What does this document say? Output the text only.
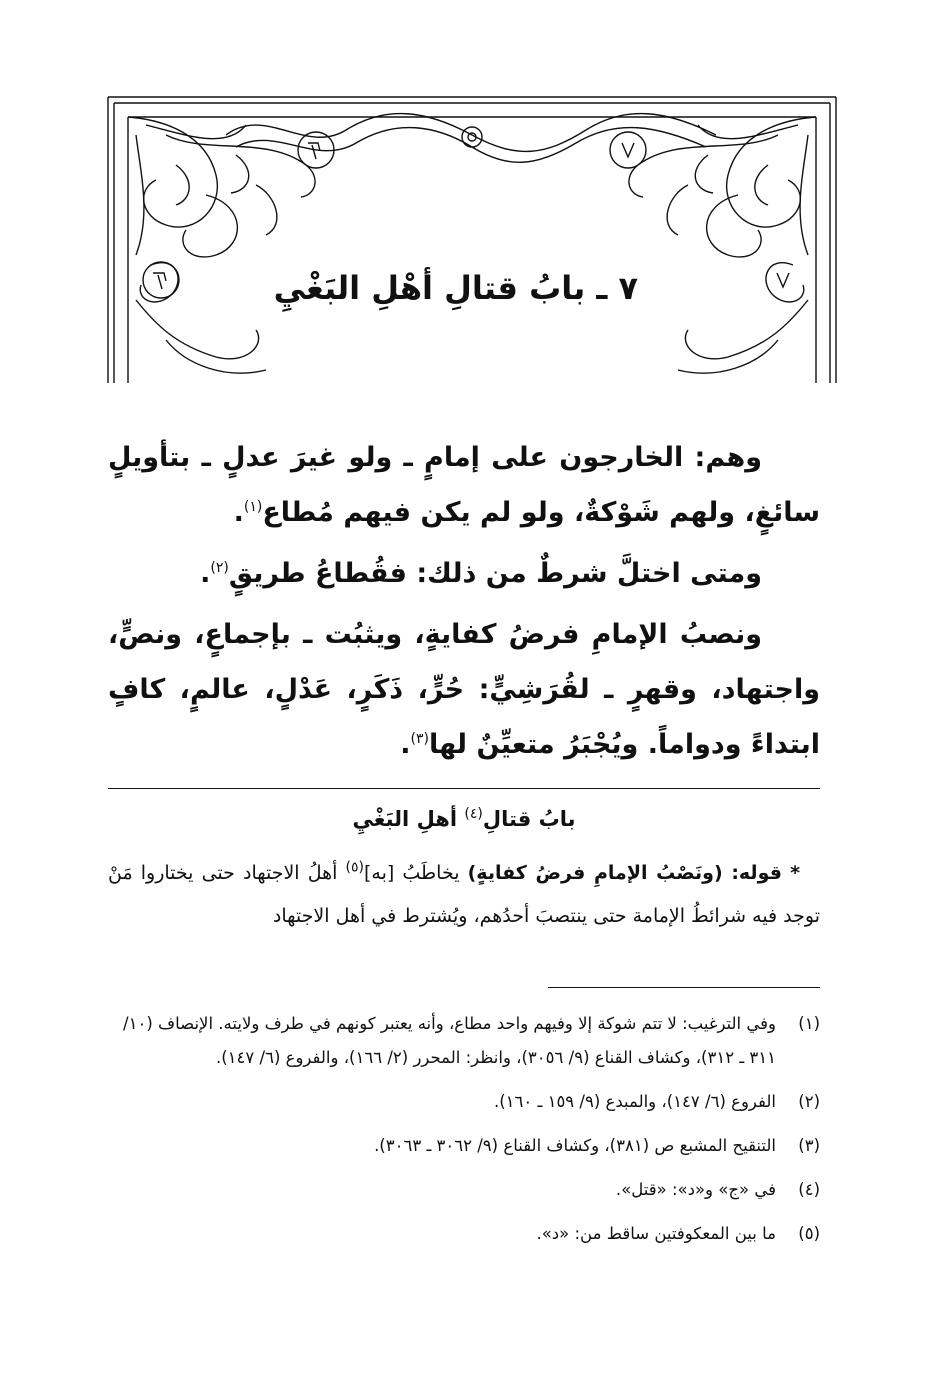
٧ ـ بابُ قتالِ أهْلِ البَغْيِ

وهم: الخارجون على إمامٍ ـ ولو غيرَ عدلٍ ـ بتأويلٍ سائغٍ، ولهم شَوْكةٌ، ولو لم يكن فيهم مُطاع$^{(١)}$.

ومتى اختلَّ شرطٌ من ذلك: فقُطاعُ طريقٍ$^{(٢)}$.

ونصبُ الإمامِ فرضُ كفايةٍ، ويثبُت ـ بإجماعٍ، ونصٍّ، واجتهاد، وقهرٍ ـ لقُرَشِيٍّ: حُرٍّ، ذَكَرٍ، عَدْلٍ، عالمٍ، كافٍ ابتداءً ودواماً. ويُجْبَرُ متعيِّنٌ لها$^{(٣)}$.

بابُ قتالِ$^{(٤)}$ أهلِ البَغْيِ

* قوله: (ونَصْبُ الإمامِ فرضُ كفايةٍ) يخاطَبُ [به]$^{(٥)}$ أهلُ الاجتهاد حتى يختاروا مَنْ توجد فيه شرائطُ الإمامة حتى ينتصبَ أحدُهم، ويُشترط في أهل الاجتهاد

(١)
وفي الترغيب: لا تتم شوكة إلا وفيهم واحد مطاع، وأنه يعتبر كونهم في طرف ولايته. الإنصاف (١٠/ ٣١١ ـ ٣١٢)، وكشاف القناع (٩/ ٣٠٥٦)، وانظر: المحرر (٢/ ١٦٦)، والفروع (٦/ ١٤٧).
(٢)
الفروع (٦/ ١٤٧)، والمبدع (٩/ ١٥٩ ـ ١٦٠).
(٣)
التنقيح المشبع ص (٣٨١)، وكشاف القناع (٩/ ٣٠٦٢ ـ ٣٠٦٣).
(٤)
في «ج» و«د»: «قتل».
(٥)
ما بين المعكوفتين ساقط من: «د».
